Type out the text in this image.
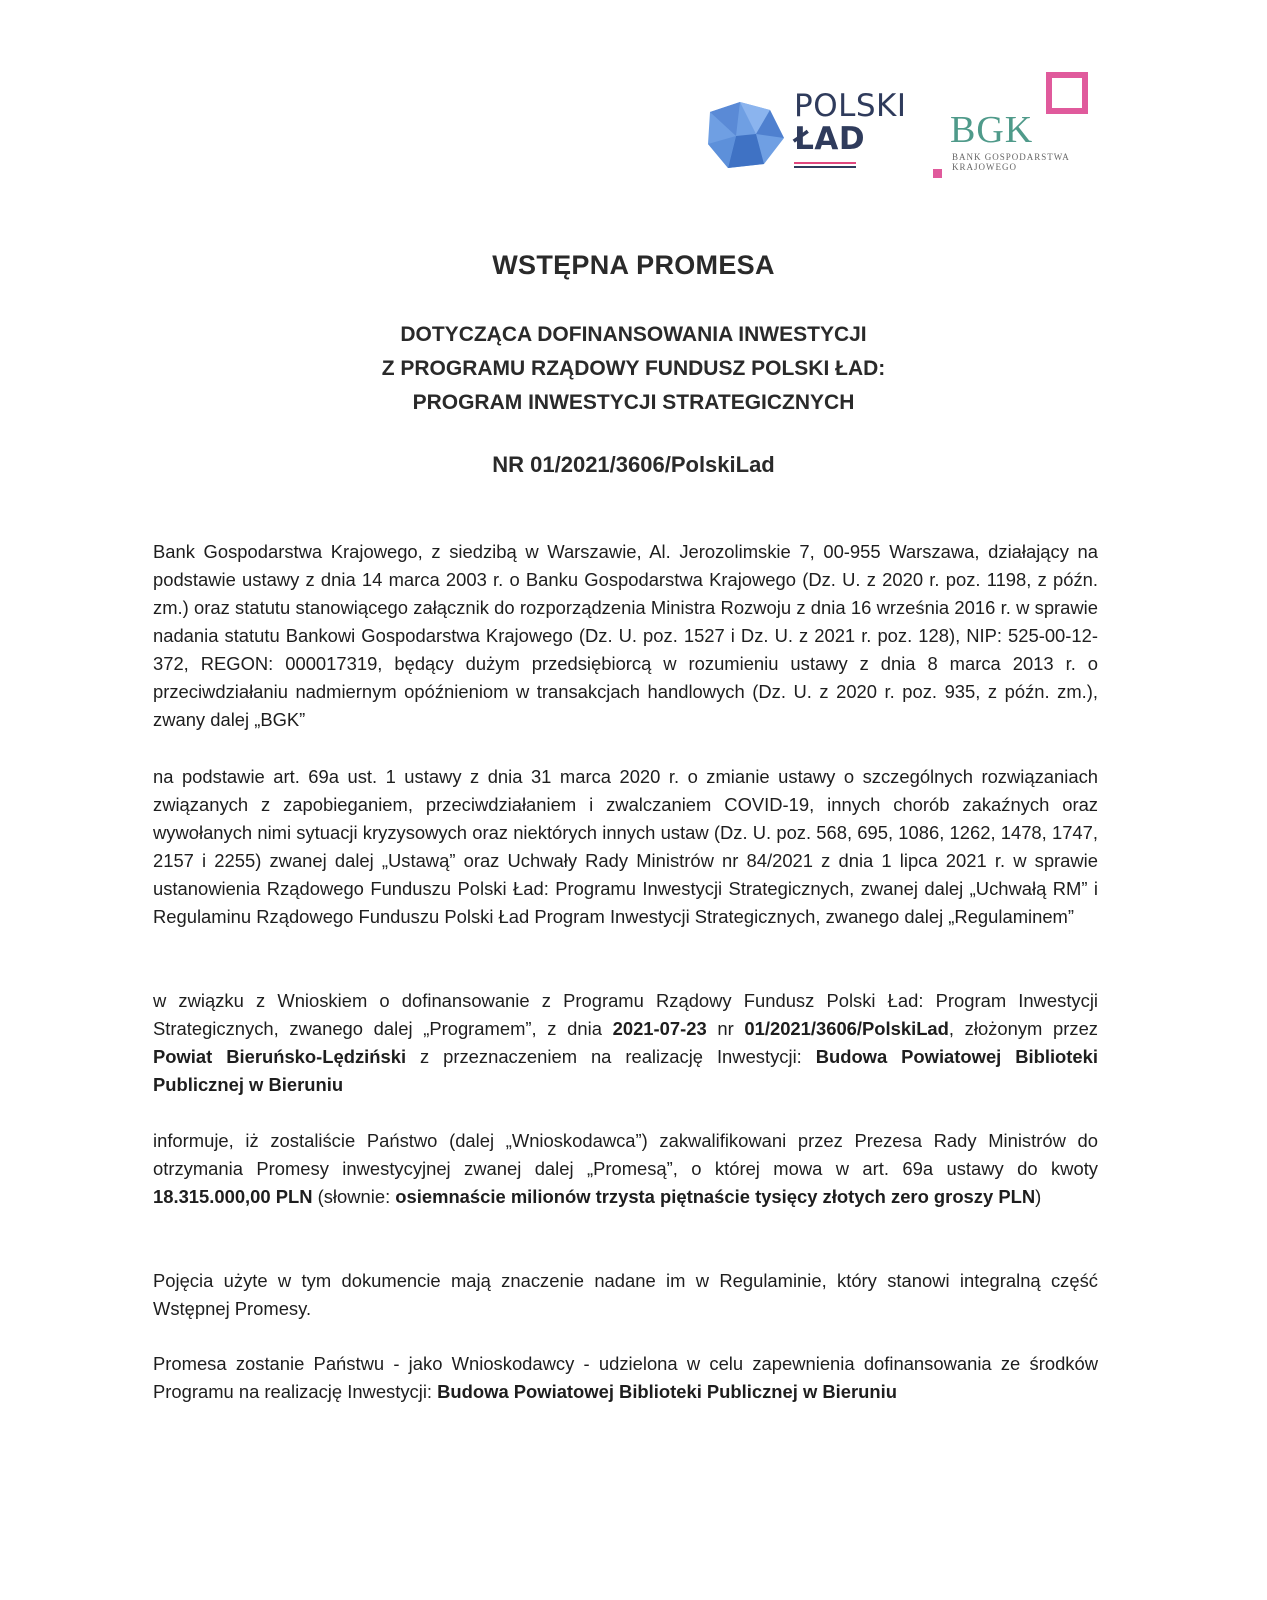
POLSKI
ŁAD	BGK
BANK GOSPODARSTWA KRAJOWEGO
WSTĘPNA PROMESA
DOTYCZĄCA DOFINANSOWANIA INWESTYCJI
Z PROGRAMU RZĄDOWY FUNDUSZ POLSKI ŁAD:
PROGRAM INWESTYCJI STRATEGICZNYCH
NR 01/2021/3606/PolskiLad
Bank Gospodarstwa Krajowego, z siedzibą w Warszawie, Al. Jerozolimskie 7, 00-955 Warszawa, działający na podstawie ustawy z dnia 14 marca 2003 r. o Banku Gospodarstwa Krajowego (Dz. U. z 2020 r. poz. 1198, z późn. zm.) oraz statutu stanowiącego załącznik do rozporządzenia Ministra Rozwoju z dnia 16 września 2016 r. w sprawie nadania statutu Bankowi Gospodarstwa Krajowego (Dz. U. poz. 1527 i Dz. U. z 2021 r. poz. 128), NIP: 525-00-12-372, REGON: 000017319, będący dużym przedsiębiorcą w rozumieniu ustawy z dnia 8 marca 2013 r. o przeciwdziałaniu nadmiernym opóźnieniom w transakcjach handlowych (Dz. U. z 2020 r. poz. 935, z późn. zm.), zwany dalej „BGK”
na podstawie art. 69a ust. 1 ustawy z dnia 31 marca 2020 r. o zmianie ustawy o szczególnych rozwiązaniach związanych z zapobieganiem, przeciwdziałaniem i zwalczaniem COVID-19, innych chorób zakaźnych oraz wywołanych nimi sytuacji kryzysowych oraz niektórych innych ustaw (Dz. U. poz. 568, 695, 1086, 1262, 1478, 1747, 2157 i 2255) zwanej dalej „Ustawą” oraz Uchwały Rady Ministrów nr 84/2021 z dnia 1 lipca 2021 r. w sprawie ustanowienia Rządowego Funduszu Polski Ład: Programu Inwestycji Strategicznych, zwanej dalej „Uchwałą RM” i Regulaminu Rządowego Funduszu Polski Ład Program Inwestycji Strategicznych, zwanego dalej „Regulaminem”
w związku z Wnioskiem o dofinansowanie z Programu Rządowy Fundusz Polski Ład: Program Inwestycji Strategicznych, zwanego dalej „Programem”, z dnia 2021-07-23 nr 01/2021/3606/PolskiLad, złożonym przez Powiat Bieruńsko-Lędziński z przeznaczeniem na realizację Inwestycji: Budowa Powiatowej Biblioteki Publicznej w Bieruniu
informuje, iż zostaliście Państwo (dalej „Wnioskodawca”) zakwalifikowani przez Prezesa Rady Ministrów do otrzymania Promesy inwestycyjnej zwanej dalej „Promesą”, o której mowa w art. 69a ustawy do kwoty 18.315.000,00 PLN (słownie: osiemnaście milionów trzysta piętnaście tysięcy złotych zero groszy PLN)
Pojęcia użyte w tym dokumencie mają znaczenie nadane im w Regulaminie, który stanowi integralną część Wstępnej Promesy.
Promesa zostanie Państwu - jako Wnioskodawcy - udzielona w celu zapewnienia dofinansowania ze środków Programu na realizację Inwestycji: Budowa Powiatowej Biblioteki Publicznej w Bieruniu
